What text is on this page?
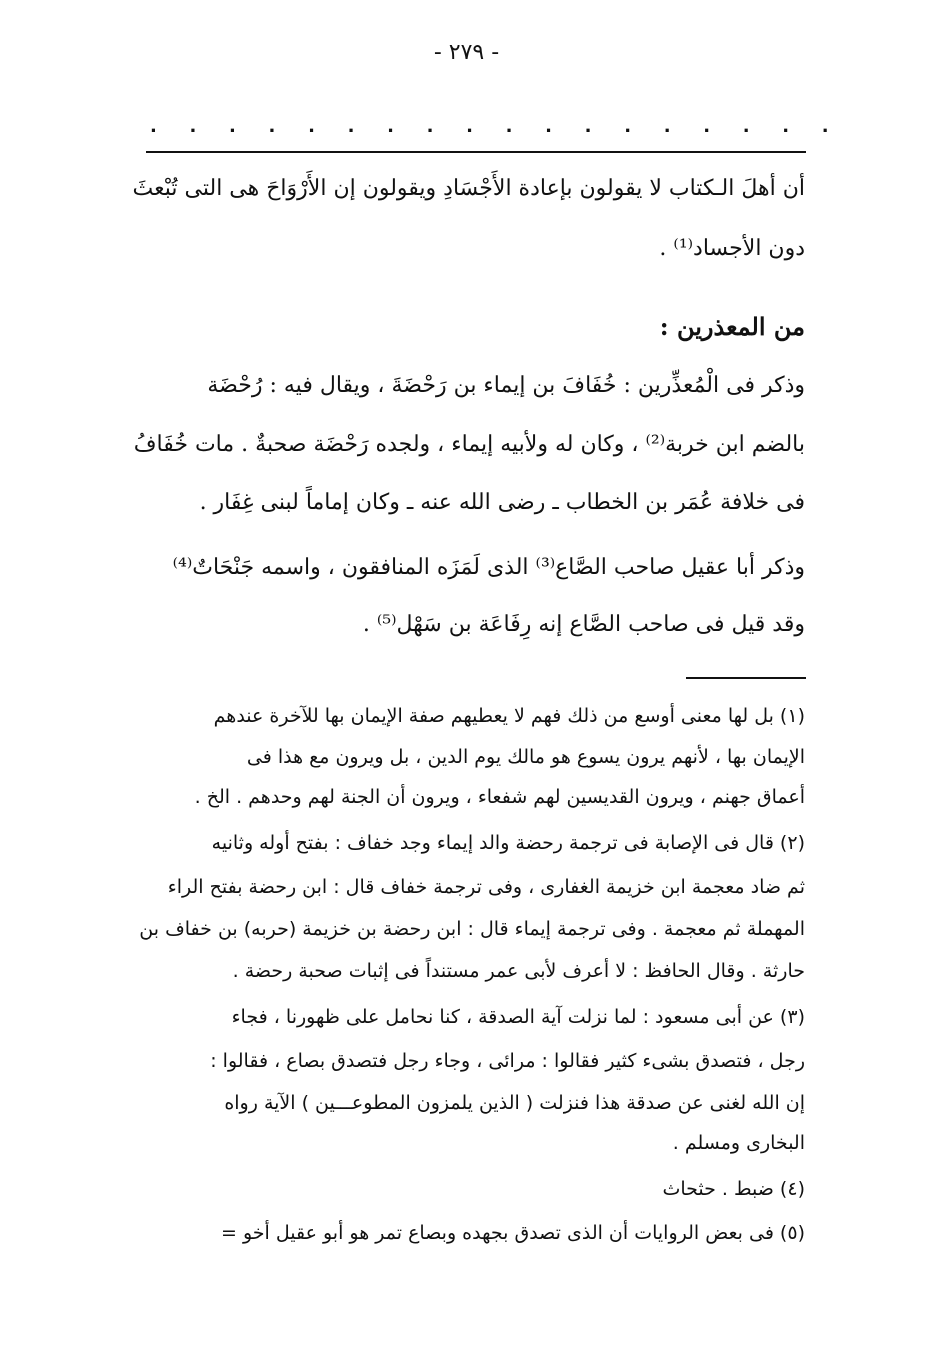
- ٢٧٩ -
.
.
.
.
.
.
.
.
.
.
.
.
.
.
.
.
.
.
أن أهلَ الـكتاب لا يقولون بإعادة الأَجْسَادِ ويقولون إن الأَرْوَاحَ هى التى تُبْعثَ
دون الأجساد⁽¹⁾ .
من المعذرين :
وذكر فى الْمُعذِّرين : خُفَافَ بن إيماء بن رَحْضَةَ ، ويقال فيه : رُحْضَة
بالضم ابن خربة⁽²⁾ ، وكان له ولأبيه إيماء ، ولجده رَحْضَة صحبةٌ . مات خُفَافُ
فى خلافة عُمَر بن الخطاب ـ رضى الله عنه ـ وكان إماماً لبنى غِفَار .
وذكر أبا عقيل صاحب الصَّاع⁽³⁾ الذى لَمَزَه المنافقون ، واسمه جَنْحَاتٌ⁽⁴⁾
وقد قيل فى صاحب الصَّاع إنه رِفَاعَة بن سَهْل⁽⁵⁾ .
(١) بل لها معنى أوسع من ذلك فهم لا يعطيهم صفة الإيمان بها للآخرة عندهم
الإيمان بها ، لأنهم يرون يسوع هو مالك يوم الدين ، بل ويرون مع هذا فى
أعماق جهنم ، ويرون القديسين لهم شفعاء ، ويرون أن الجنة لهم وحدهم . الخ .
(٢) قال فى الإصابة فى ترجمة رحضة والد إيماء وجد خفاف : بفتح أوله وثانيه
ثم ضاد معجمة ابن خزيمة الغفارى ، وفى ترجمة خفاف قال : ابن رحضة بفتح الراء
المهملة ثم معجمة . وفى ترجمة إيماء قال : ابن رحضة بن خزيمة (حربه) بن خفاف بن
حارثة . وقال الحافظ : لا أعرف لأبى عمر مستنداً فى إثبات صحبة رحضة .
(٣) عن أبى مسعود : لما نزلت آية الصدقة ، كنا نحامل على ظهورنا ، فجاء
رجل ، فتصدق بشىء كثير فقالوا : مرائى ، وجاء رجل فتصدق بصاع ، فقالوا :
إن الله لغنى عن صدقة هذا فنزلت ( الذين يلمزون المطوعـــين ) الآية رواه
البخارى ومسلم .
(٤) ضبط . حثحاث
(٥) فى بعض الروايات أن الذى تصدق بجهده وبصاع تمر هو أبو عقيل أخو =
